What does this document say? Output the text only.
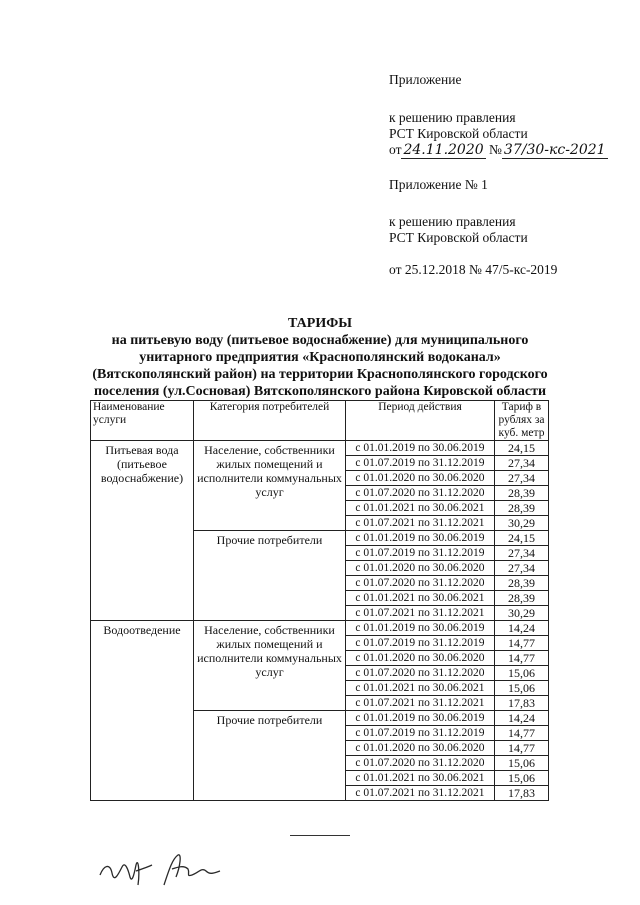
Приложение
к решению правления
РСТ Кировской области
от 24.11.2020 № 37/30-кс-2021
Приложение № 1
к решению правления
РСТ Кировской области
от 25.12.2018 № 47/5-кс-2019
ТАРИФЫ
на питьевую воду (питьевое водоснабжение) для муниципального
унитарного предприятия «Краснополянский водоканал»
(Вятскополянский район) на территории Краснополянского городского
поселения (ул.Сосновая) Вятскополянского района Кировской области
Наименование услуги	Категория потребителей	Период действия	Тариф в рублях за куб. метр
Питьевая вода (питьевое водоснабжение)	Население, собственники жилых помещений и исполнители коммунальных услуг	с 01.01.2019 по 30.06.2019	24,15
		с 01.07.2019 по 31.12.2019	27,34
		с 01.01.2020 по 30.06.2020	27,34
		с 01.07.2020 по 31.12.2020	28,39
		с 01.01.2021 по 30.06.2021	28,39
		с 01.07.2021 по 31.12.2021	30,29
	Прочие потребители	с 01.01.2019 по 30.06.2019	24,15
		с 01.07.2019 по 31.12.2019	27,34
		с 01.01.2020 по 30.06.2020	27,34
		с 01.07.2020 по 31.12.2020	28,39
		с 01.01.2021 по 30.06.2021	28,39
		с 01.07.2021 по 31.12.2021	30,29
Водоотведение	Население, собственники жилых помещений и исполнители коммунальных услуг	с 01.01.2019 по 30.06.2019	14,24
		с 01.07.2019 по 31.12.2019	14,77
		с 01.01.2020 по 30.06.2020	14,77
		с 01.07.2020 по 31.12.2020	15,06
		с 01.01.2021 по 30.06.2021	15,06
		с 01.07.2021 по 31.12.2021	17,83
	Прочие потребители	с 01.01.2019 по 30.06.2019	14,24
		с 01.07.2019 по 31.12.2019	14,77
		с 01.01.2020 по 30.06.2020	14,77
		с 01.07.2020 по 31.12.2020	15,06
		с 01.01.2021 по 30.06.2021	15,06
		с 01.07.2021 по 31.12.2021	17,83
